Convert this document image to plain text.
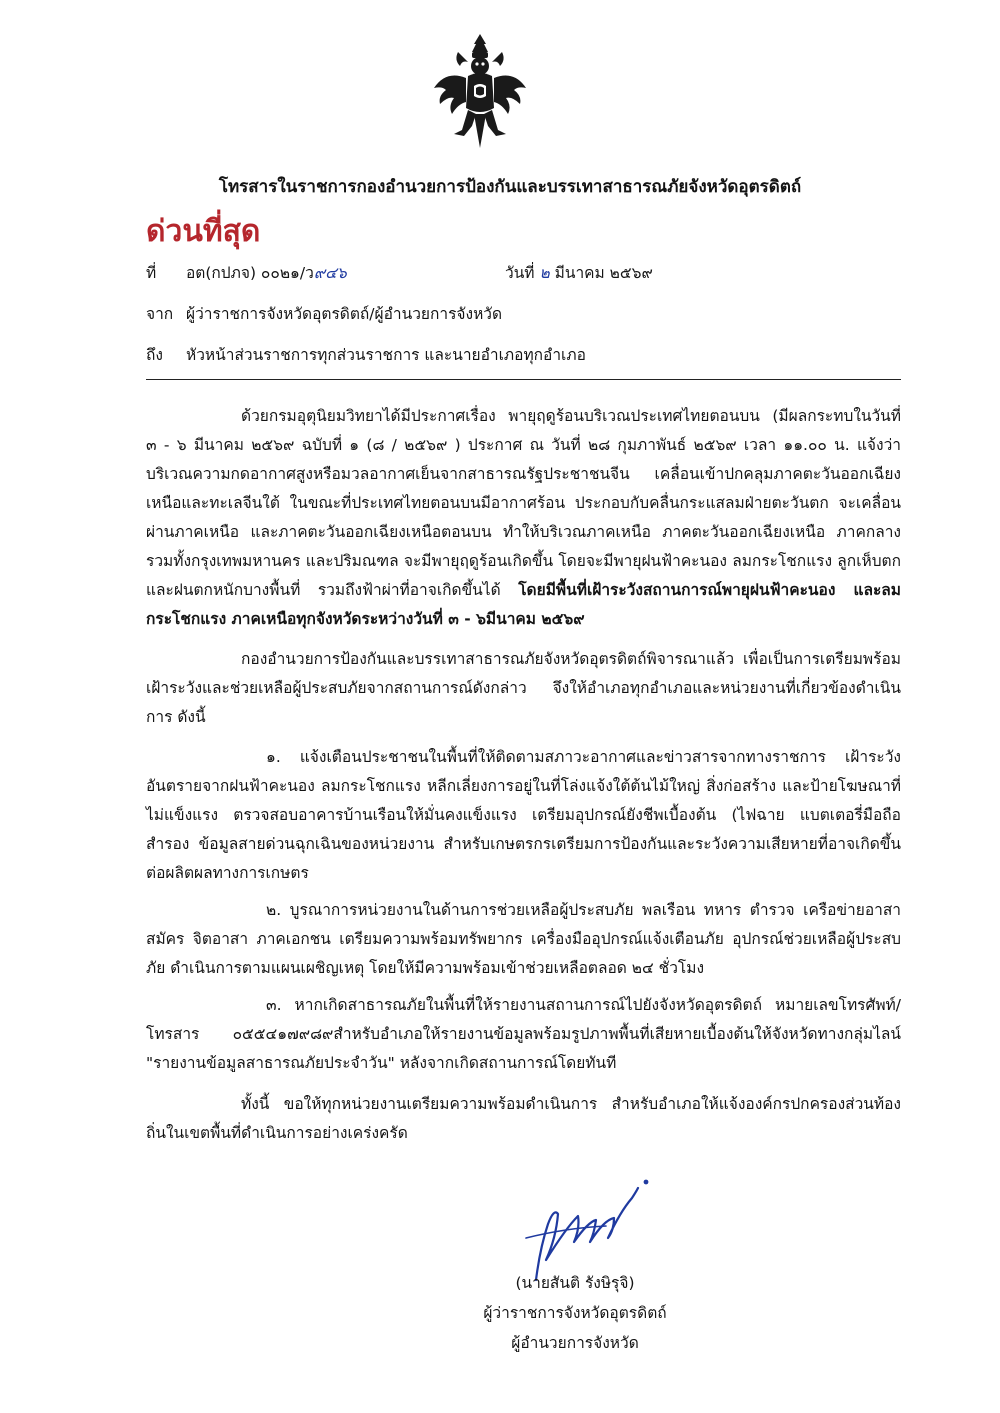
โทรสารในราชการกองอำนวยการป้องกันและบรรเทาสาธารณภัยจังหวัดอุตรดิตถ์
ด่วนที่สุด
ที่ อต(กปภจ) ๐๐๒๑/ว๙๔๖	วันที่ ๒ มีนาคม ๒๕๖๙
จาก ผู้ว่าราชการจังหวัดอุตรดิตถ์/ผู้อำนวยการจังหวัด
ถึง หัวหน้าส่วนราชการทุกส่วนราชการ และนายอำเภอทุกอำเภอ

ด้วยกรมอุตุนิยมวิทยาได้มีประกาศเรื่อง พายุฤดูร้อนบริเวณประเทศไทยตอนบน (มีผลกระทบในวันที่ ๓ - ๖ มีนาคม ๒๕๖๙ ฉบับที่ ๑ (๘ / ๒๕๖๙ ) ประกาศ ณ วันที่ ๒๘ กุมภาพันธ์ ๒๕๖๙ เวลา ๑๑.๐๐ น. แจ้งว่า บริเวณความกดอากาศสูงหรือมวลอากาศเย็นจากสาธารณรัฐประชาชนจีน เคลื่อนเข้าปกคลุมภาคตะวันออกเฉียงเหนือและทะเลจีนใต้ ในขณะที่ประเทศไทยตอนบนมีอากาศร้อน ประกอบกับคลื่นกระแสลมฝ่ายตะวันตก จะเคลื่อนผ่านภาคเหนือ และภาคตะวันออกเฉียงเหนือตอนบน ทำให้บริเวณภาคเหนือ ภาคตะวันออกเฉียงเหนือ ภาคกลาง รวมทั้งกรุงเทพมหานคร และปริมณฑล จะมีพายุฤดูร้อนเกิดขึ้น โดยจะมีพายุฝนฟ้าคะนอง ลมกระโชกแรง ลูกเห็บตก และฝนตกหนักบางพื้นที่ รวมถึงฟ้าผ่าที่อาจเกิดขึ้นได้ โดยมีพื้นที่เฝ้าระวังสถานการณ์พายุฝนฟ้าคะนอง และลมกระโชกแรง ภาคเหนือทุกจังหวัดระหว่างวันที่ ๓ - ๖มีนาคม ๒๕๖๙

กองอำนวยการป้องกันและบรรเทาสาธารณภัยจังหวัดอุตรดิตถ์พิจารณาแล้ว เพื่อเป็นการเตรียมพร้อมเฝ้าระวังและช่วยเหลือผู้ประสบภัยจากสถานการณ์ดังกล่าว จึงให้อำเภอทุกอำเภอและหน่วยงานที่เกี่ยวข้องดำเนินการ ดังนี้

๑. แจ้งเตือนประชาชนในพื้นที่ให้ติดตามสภาวะอากาศและข่าวสารจากทางราชการ เฝ้าระวังอันตรายจากฝนฟ้าคะนอง ลมกระโชกแรง หลีกเลี่ยงการอยู่ในที่โล่งแจ้งใต้ต้นไม้ใหญ่ สิ่งก่อสร้าง และป้ายโฆษณาที่ไม่แข็งแรง ตรวจสอบอาคารบ้านเรือนให้มั่นคงแข็งแรง เตรียมอุปกรณ์ยังชีพเบื้องต้น (ไฟฉาย แบตเตอรี่มือถือสำรอง ข้อมูลสายด่วนฉุกเฉินของหน่วยงาน สำหรับเกษตรกรเตรียมการป้องกันและระวังความเสียหายที่อาจเกิดขึ้นต่อผลิตผลทางการเกษตร

๒. บูรณาการหน่วยงานในด้านการช่วยเหลือผู้ประสบภัย พลเรือน ทหาร ตำรวจ เครือข่ายอาสาสมัคร จิตอาสา ภาคเอกชน เตรียมความพร้อมทรัพยากร เครื่องมืออุปกรณ์แจ้งเตือนภัย อุปกรณ์ช่วยเหลือผู้ประสบภัย ดำเนินการตามแผนเผชิญเหตุ โดยให้มีความพร้อมเข้าช่วยเหลือตลอด ๒๔ ชั่วโมง

๓. หากเกิดสาธารณภัยในพื้นที่ให้รายงานสถานการณ์ไปยังจังหวัดอุตรดิตถ์ หมายเลขโทรศัพท์/โทรสาร ๐๕๕๔๑๗๙๘๙สำหรับอำเภอให้รายงานข้อมูลพร้อมรูปภาพพื้นที่เสียหายเบื้องต้นให้จังหวัดทางกลุ่มไลน์ "รายงานข้อมูลสาธารณภัยประจำวัน" หลังจากเกิดสถานการณ์โดยทันที

ทั้งนี้ ขอให้ทุกหน่วยงานเตรียมความพร้อมดำเนินการ สำหรับอำเภอให้แจ้งองค์กรปกครองส่วนท้องถิ่นในเขตพื้นที่ดำเนินการอย่างเคร่งครัด

(นายสันติ รังษิรุจิ)
ผู้ว่าราชการจังหวัดอุตรดิตถ์
ผู้อำนวยการจังหวัด
